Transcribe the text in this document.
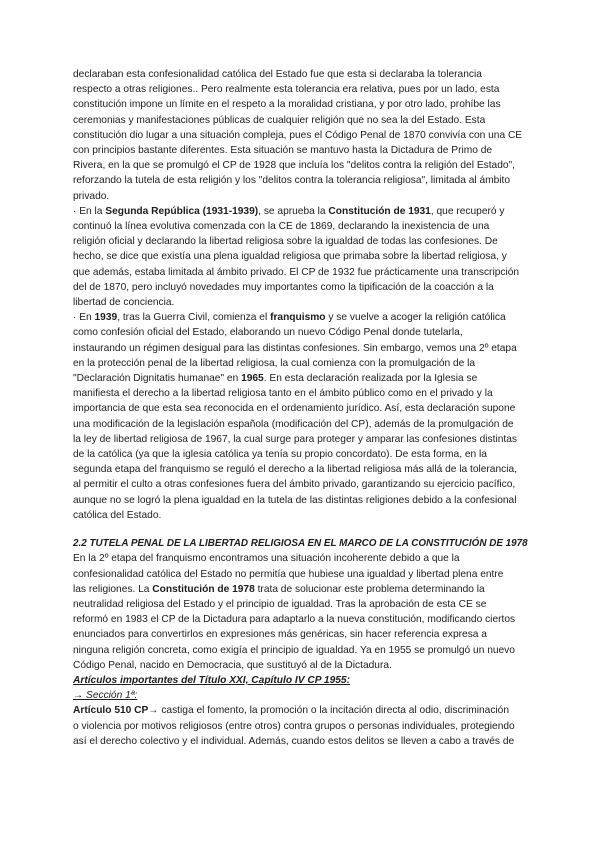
declaraban esta confesionalidad católica del Estado fue que esta si declaraba la tolerancia
respecto a otras religiones.. Pero realmente esta tolerancia era relativa, pues por un lado, esta
constitución impone un límite en el respeto a la moralidad cristiana, y por otro lado, prohíbe las
ceremonias y manifestaciones públicas de cualquier religión que no sea la del Estado. Esta
constitución dio lugar a una situación compleja, pues el Código Penal de 1870 convivía con una CE
con principios bastante diferentes. Esta situación se mantuvo hasta la Dictadura de Primo de
Rivera, en la que se promulgó el CP de 1928 que incluía los "delitos contra la religión del Estado",
reforzando la tutela de esta religión y los "delitos contra la tolerancia religiosa", limitada al ámbito
privado.
· En la Segunda República (1931-1939), se aprueba la Constitución de 1931, que recuperó y
continuó la línea evolutiva comenzada con la CE de 1869, declarando la inexistencia de una
religión oficial y declarando la libertad religiosa sobre la igualdad de todas las confesiones. De
hecho, se dice que existía una plena igualdad religiosa que primaba sobre la libertad religiosa, y
que además, estaba limitada al ámbito privado. El CP de 1932 fue prácticamente una transcripción
del de 1870, pero incluyó novedades muy importantes como la tipificación de la coacción a la
libertad de conciencia.
· En 1939, tras la Guerra Civil, comienza el franquismo y se vuelve a acoger la religión católica
como confesión oficial del Estado, elaborando un nuevo Código Penal donde tutelarla,
instaurando un régimen desigual para las distintas confesiones. Sin embargo, vemos una 2º etapa
en la protección penal de la libertad religiosa, la cual comienza con la promulgación de la
"Declaración Dignitatis humanae" en 1965. En esta declaración realizada por la Iglesia se
manifiesta el derecho a la libertad religiosa tanto en el ámbito público como en el privado y la
importancia de que esta sea reconocida en el ordenamiento jurídico. Así, esta declaración supone
una modificación de la legislación española (modificación del CP), además de la promulgación de
la ley de libertad religiosa de 1967, la cual surge para proteger y amparar las confesiones distintas
de la católica (ya que la iglesia católica ya tenía su propio concordato). De esta forma, en la
segunda etapa del franquismo se reguló el derecho a la libertad religiosa más allá de la tolerancia,
al permitir el culto a otras confesiones fuera del ámbito privado, garantizando su ejercicio pacífico,
aunque no se logró la plena igualdad en la tutela de las distintas religiones debido a la confesional
católica del Estado.
2.2 TUTELA PENAL DE LA LIBERTAD RELIGIOSA EN EL MARCO DE LA CONSTITUCIÓN DE 1978
En la 2º etapa del franquismo encontramos una situación incoherente debido a que la
confesionalidad católica del Estado no permitía que hubiese una igualdad y libertad plena entre
las religiones. La Constitución de 1978 trata de solucionar este problema determinando la
neutralidad religiosa del Estado y el principio de igualdad. Tras la aprobación de esta CE se
reformó en 1983 el CP de la Dictadura para adaptarlo a la nueva constitución, modificando ciertos
enunciados para convertirlos en expresiones más genéricas, sin hacer referencia expresa a
ninguna religión concreta, como exigía el principio de igualdad. Ya en 1955 se promulgó un nuevo
Código Penal, nacido en Democracia, que sustituyó al de la Dictadura.
Artículos importantes del Título XXI, Capítulo IV CP 1955:
→ Sección 1ª:
Artículo 510 CP→ castiga el fomento, la promoción o la incitación directa al odio, discriminación
o violencia por motivos religiosos (entre otros) contra grupos o personas individuales, protegiendo
así el derecho colectivo y el individual. Además, cuando estos delitos se lleven a cabo a través de
